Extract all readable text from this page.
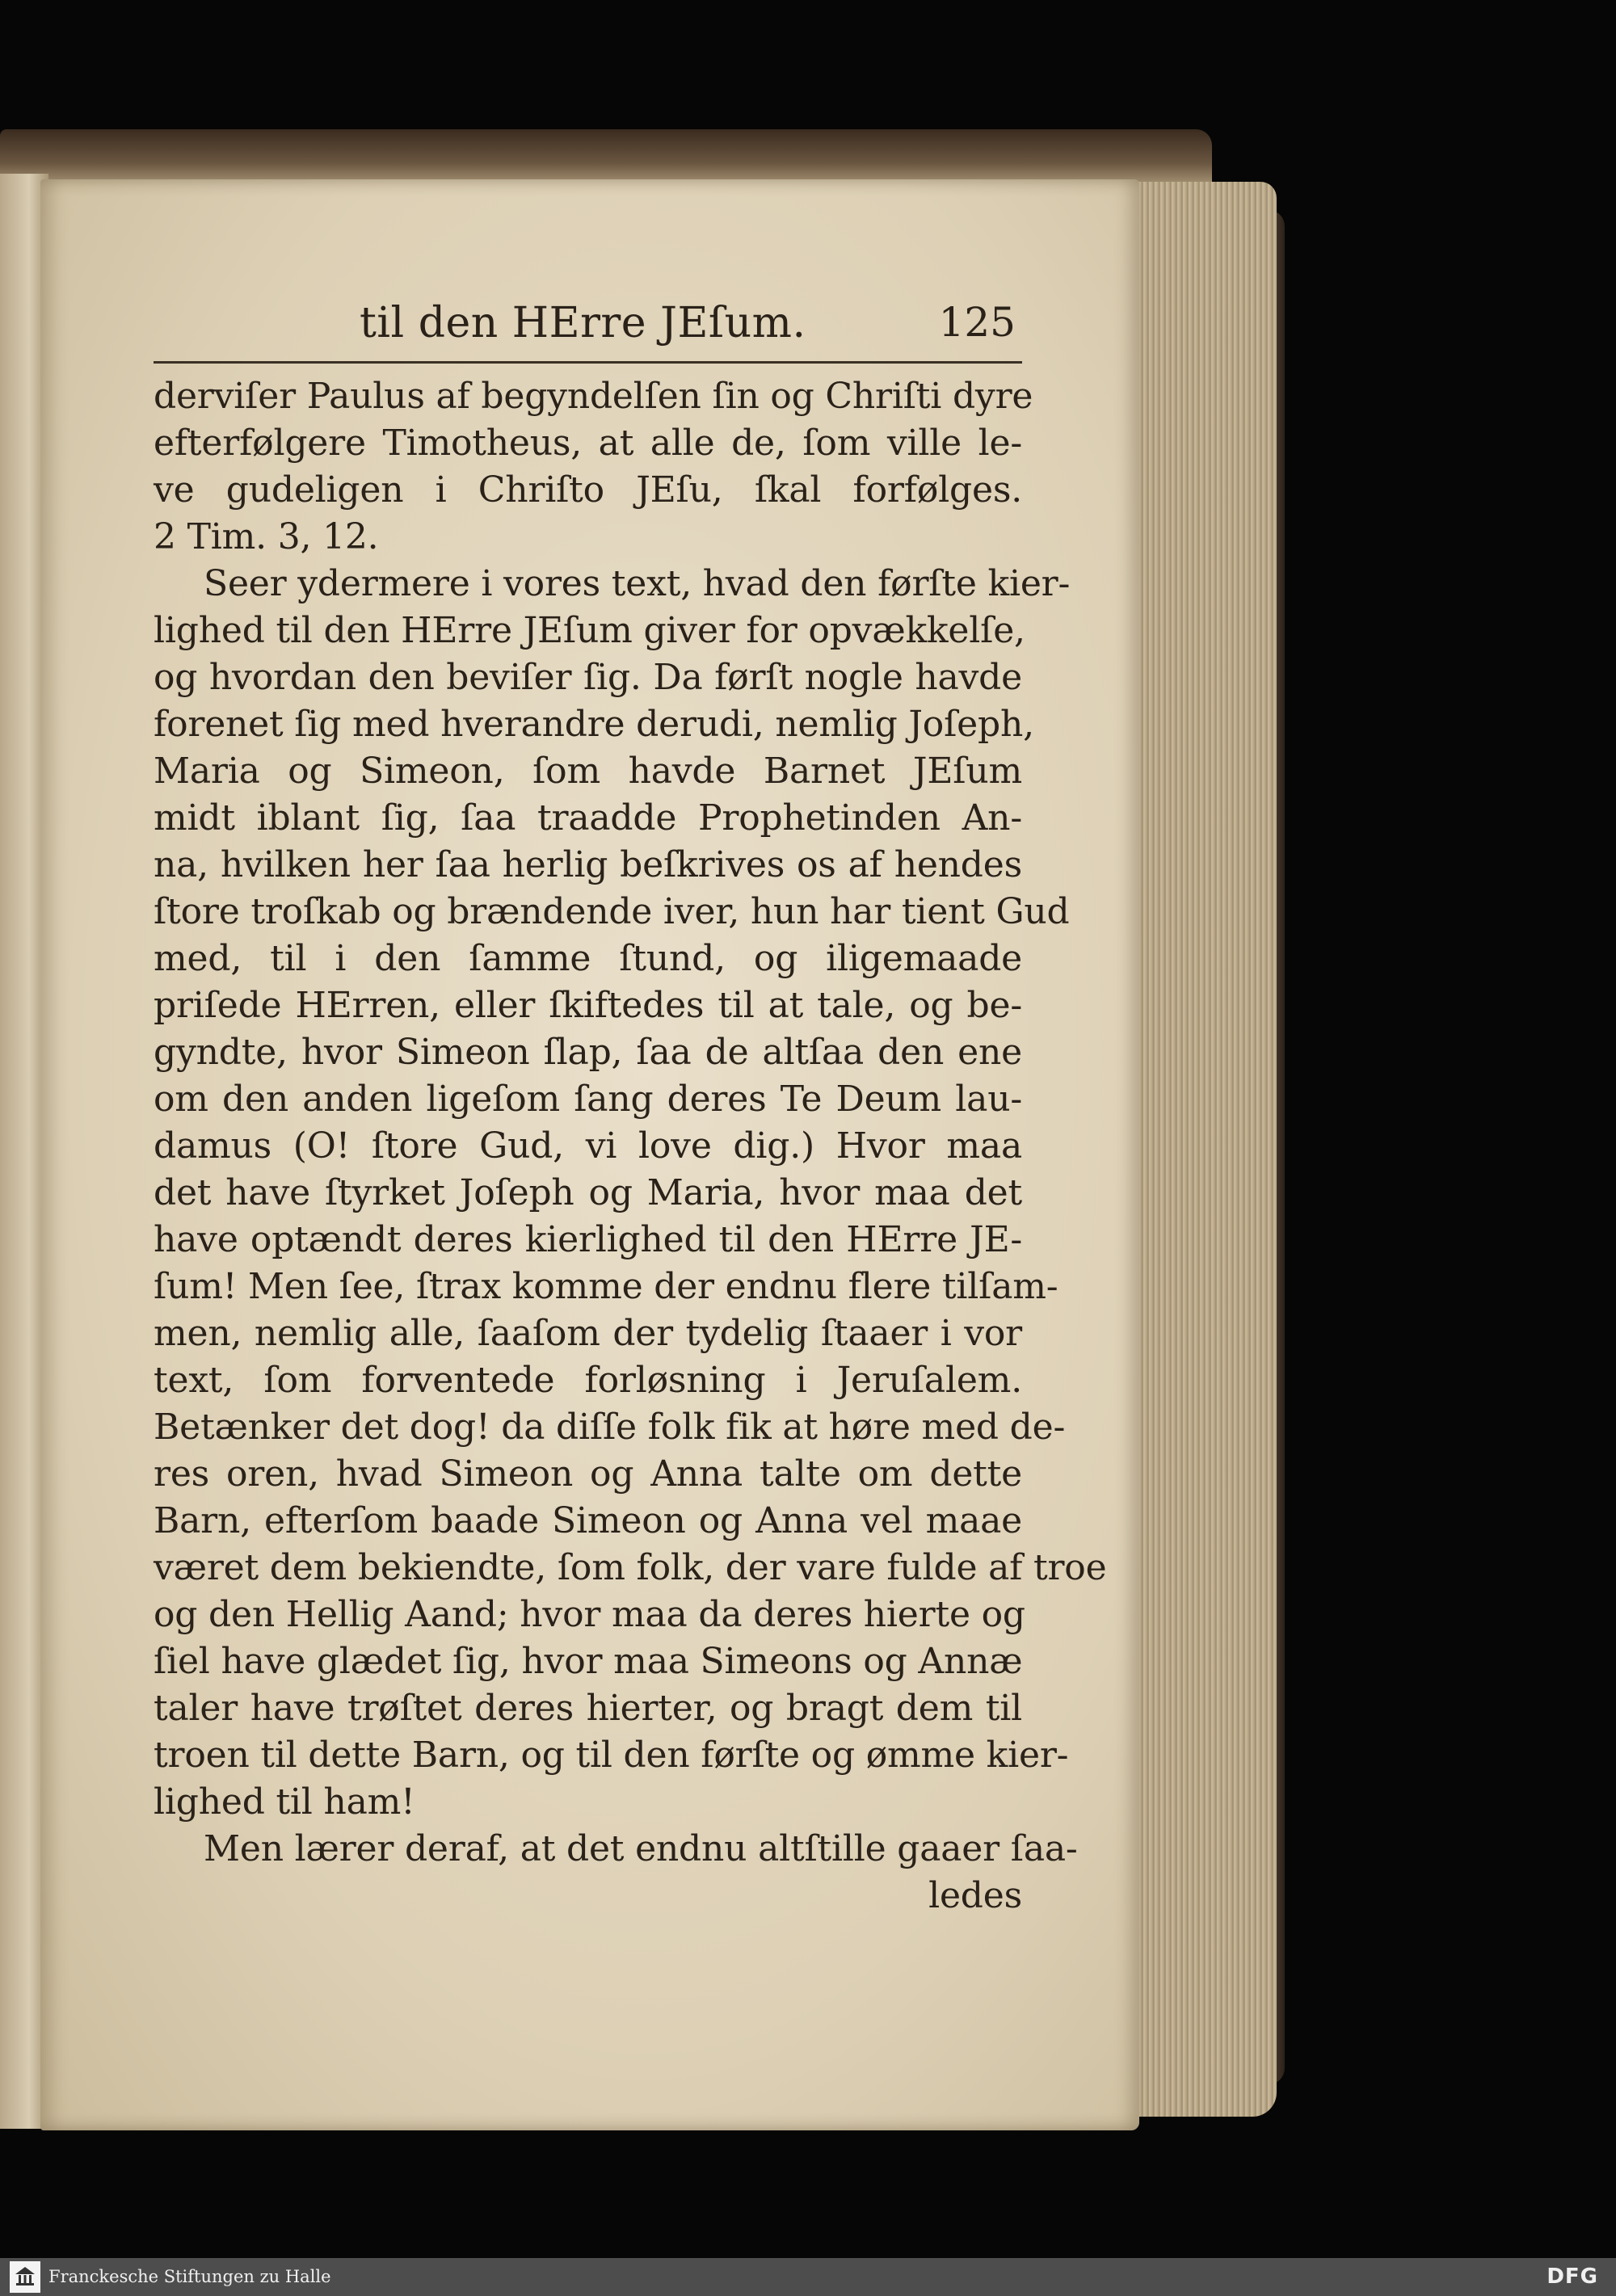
til den HErre JEſum.	125
derviſer Paulus af begyndelſen ſin og Chriſti dyre
efterfølgere Timotheus, at alle de, ſom ville le-
ve gudeligen i Chriſto JEſu, ſkal forfølges.
2 Tim. 3, 12.
Seer ydermere i vores text, hvad den førſte kier-
lighed til den HErre JEſum giver for opvækkelſe,
og hvordan den beviſer ſig. Da førſt nogle havde
forenet ſig med hverandre derudi, nemlig Joſeph,
Maria og Simeon, ſom havde Barnet JEſum
midt iblant ſig, ſaa traadde Prophetinden An-
na, hvilken her ſaa herlig beſkrives os af hendes
ſtore troſkab og brændende iver, hun har tient Gud
med, til i den ſamme ſtund, og iligemaade
priſede HErren, eller ſkiftedes til at tale, og be-
gyndte, hvor Simeon ſlap, ſaa de altſaa den ene
om den anden ligeſom ſang deres Te Deum lau-
damus (O! ſtore Gud, vi love dig.) Hvor maa
det have ſtyrket Joſeph og Maria, hvor maa det
have optændt deres kierlighed til den HErre JE-
ſum! Men ſee, ſtrax komme der endnu flere tilſam-
men, nemlig alle, ſaaſom der tydelig ſtaaer i vor
text, ſom forventede forløsning i Jeruſalem.
Betænker det dog! da diſſe folk fik at høre med de-
res oren, hvad Simeon og Anna talte om dette
Barn, efterſom baade Simeon og Anna vel maae
været dem bekiendte, ſom folk, der vare fulde af troe
og den Hellig Aand; hvor maa da deres hierte og
ſiel have glædet ſig, hvor maa Simeons og Annæ
taler have trøſtet deres hierter, og bragt dem til
troen til dette Barn, og til den førſte og ømme kier-
lighed til ham!
Men lærer deraf, at det endnu altſtille gaaer ſaa-
ledes
Franckesche Stiftungen zu Halle	DFG
